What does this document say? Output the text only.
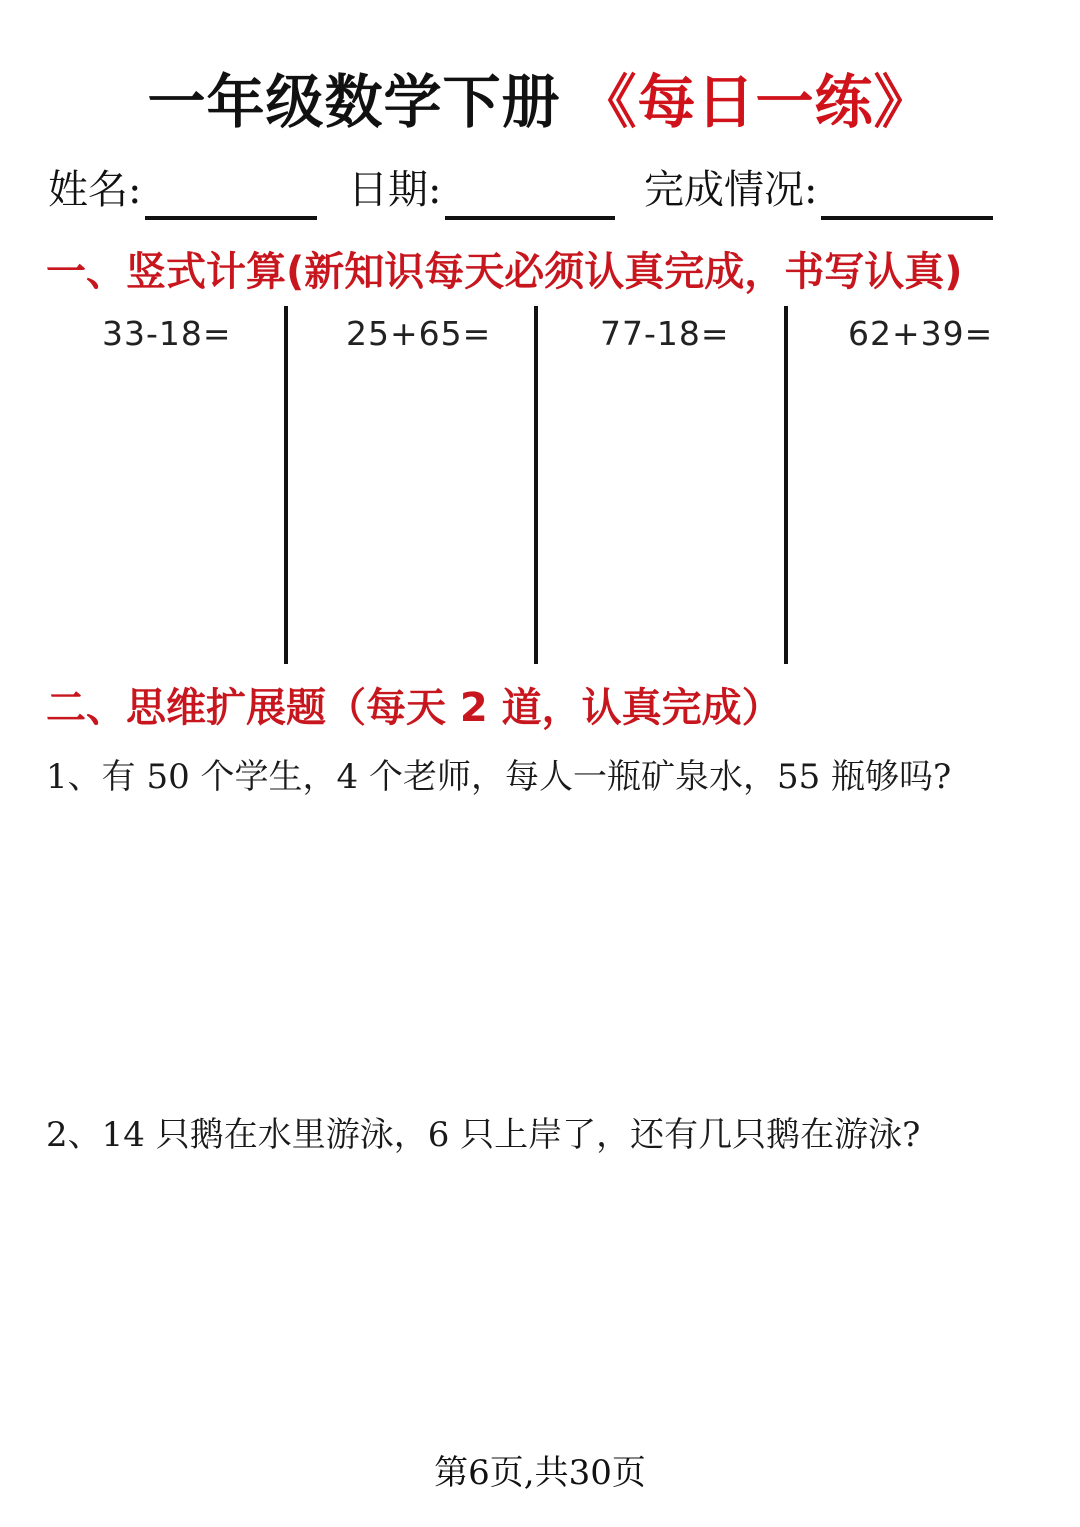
一年级数学下册 《每日一练》
姓名:	日期:	完成情况:
一、竖式计算(新知识每天必须认真完成，书写认真)
33-18=	25+65=	77-18=	62+39=
二、思维扩展题（每天 2 道，认真完成）
1、有 50 个学生，4 个老师，每人一瓶矿泉水，55 瓶够吗?
2、14 只鹅在水里游泳，6 只上岸了，还有几只鹅在游泳?
第6页,共30页
